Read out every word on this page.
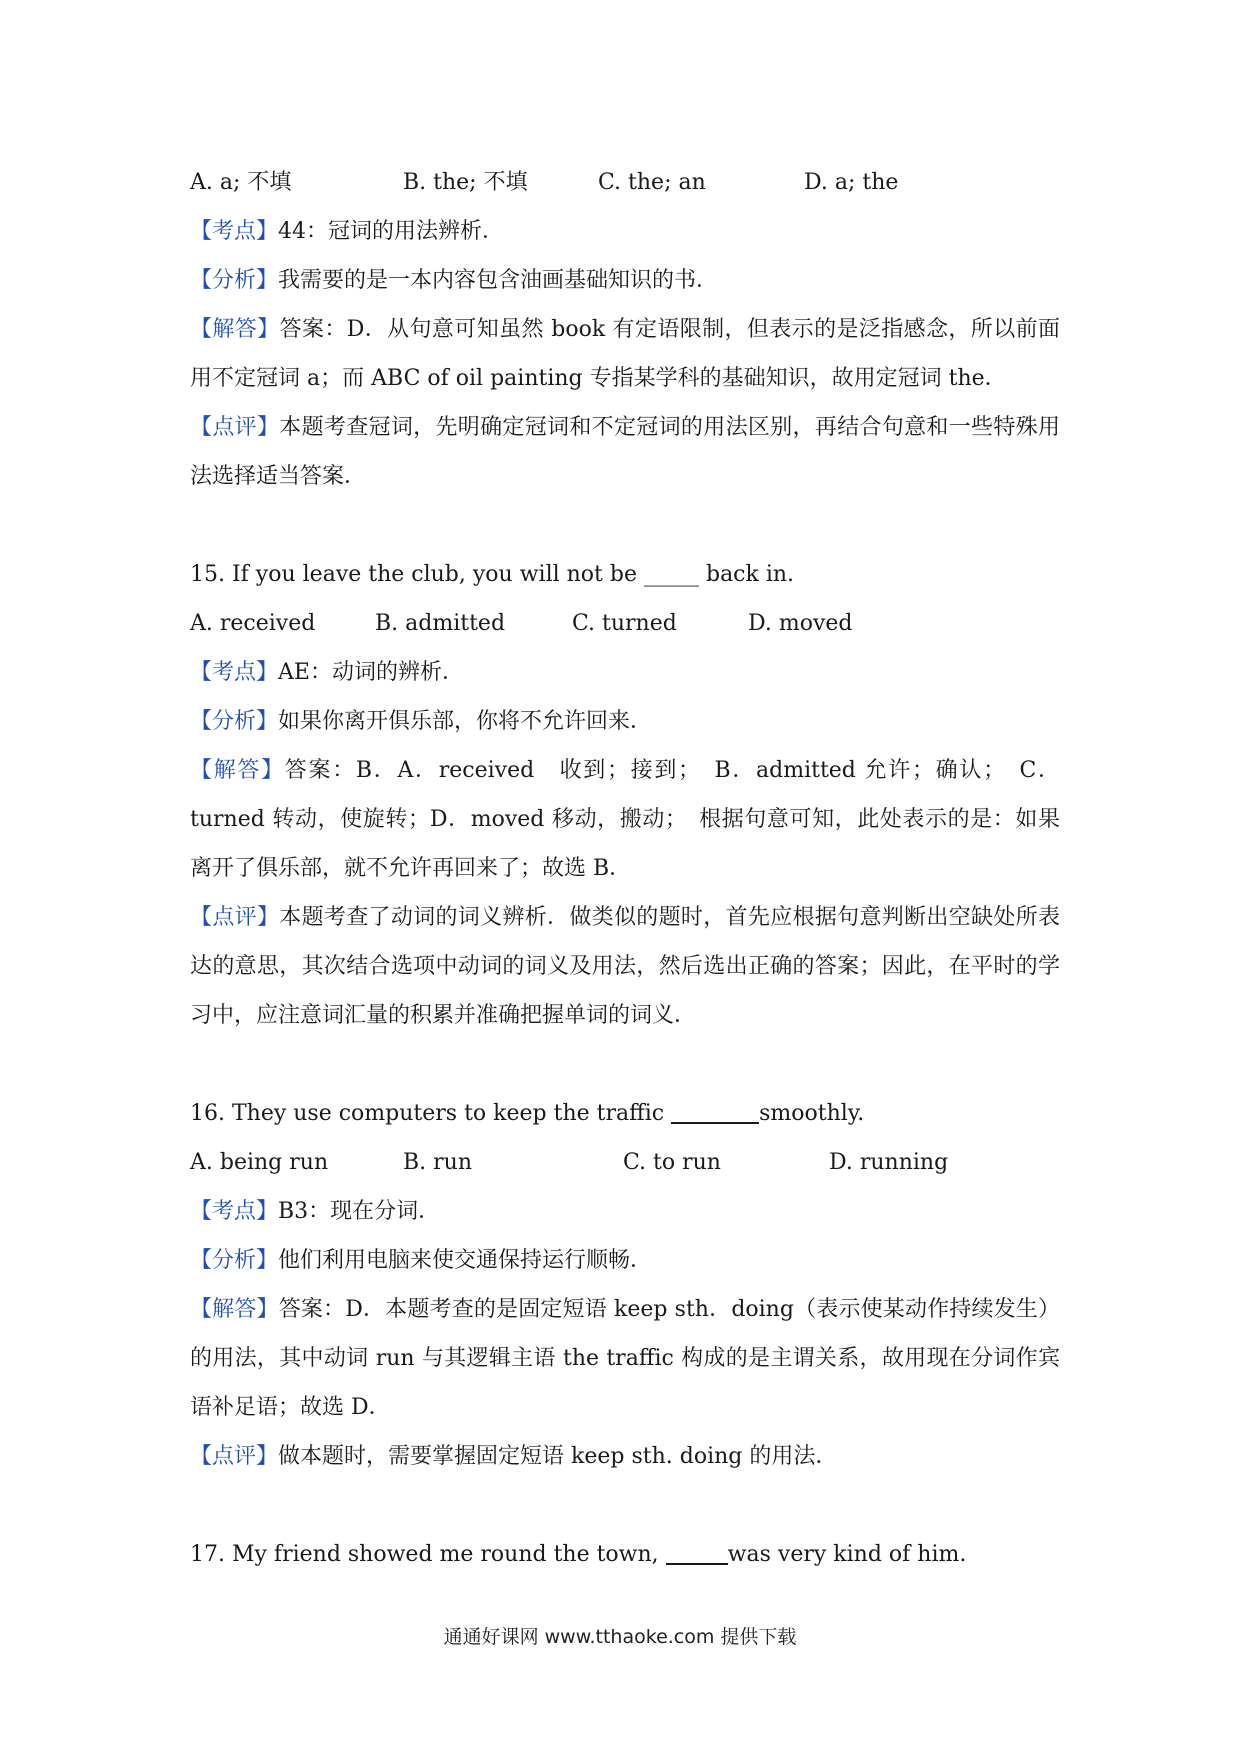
A. a; 不填	B. the; 不填	C. the; an	D. a; the
【考点】44：冠词的用法辨析．
【分析】我需要的是一本内容包含油画基础知识的书．
【解答】答案：D．从句意可知虽然 book 有定语限制，但表示的是泛指感念，所以前面用不定冠词 a；而 ABC of oil painting 专指某学科的基础知识，故用定冠词 the．
【点评】本题考查冠词，先明确定冠词和不定冠词的用法区别，再结合句意和一些特殊用法选择适当答案．
15. If you leave the club, you will not be _____ back in.
A. received	B. admitted	C. turned	D. moved
【考点】AE：动词的辨析．
【分析】如果你离开俱乐部，你将不允许回来．
【解答】答案：B．A．received　收到；接到；　B．admitted 允许；确认；　C．turned 转动，使旋转；D．moved 移动，搬动；　根据句意可知，此处表示的是：如果离开了俱乐部，就不允许再回来了；故选 B．
【点评】本题考查了动词的词义辨析．做类似的题时，首先应根据句意判断出空缺处所表达的意思，其次结合选项中动词的词义及用法，然后选出正确的答案；因此，在平时的学习中，应注意词汇量的积累并准确把握单词的词义．
16. They use computers to keep the traffic	smoothly.
A. being run	B. run	C. to run	D. running
【考点】B3：现在分词．
【分析】他们利用电脑来使交通保持运行顺畅．
【解答】答案：D．本题考查的是固定短语 keep sth．doing（表示使某动作持续发生）的用法，其中动词 run 与其逻辑主语 the traffic 构成的是主谓关系，故用现在分词作宾语补足语；故选 D．
【点评】做本题时，需要掌握固定短语 keep sth. doing 的用法．
17. My friend showed me round the town,	was very kind of him.
通通好课网 www.tthaoke.com 提供下载
